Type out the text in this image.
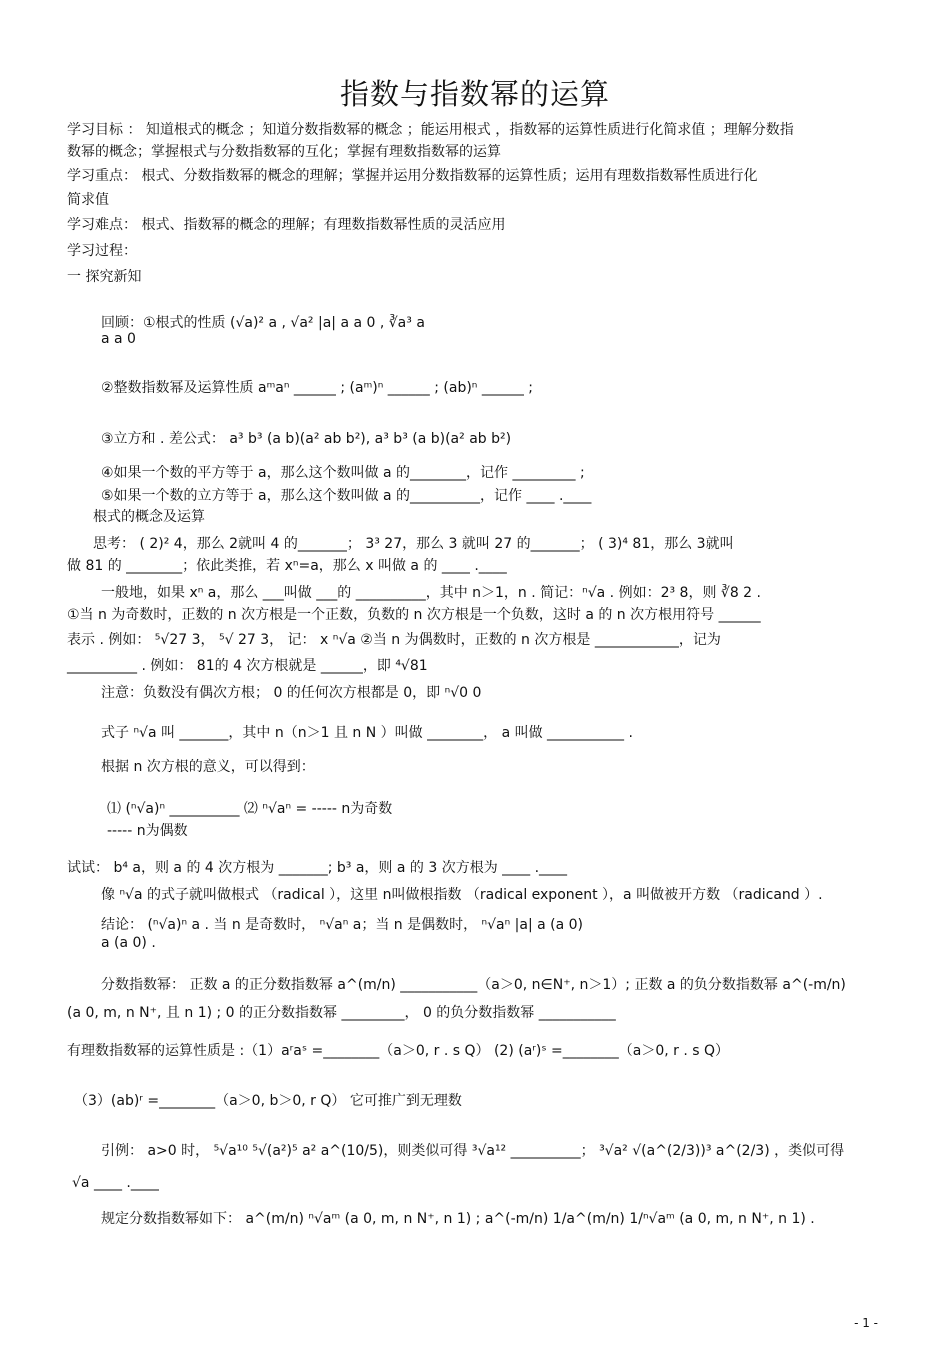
指数与指数幂的运算
学习目标 ： 知道根式的概念 ；知道分数指数幂的概念 ；能运用根式 ，指数幂的运算性质进行化简求值 ；理解分数指
数幂的概念；掌握根式与分数指数幂的互化；掌握有理数指数幂的运算
学习重点： 根式、分数指数幂的概念的理解；掌握并运用分数指数幂的运算性质；运用有理数指数幂性质进行化
简求值
学习难点： 根式、指数幂的概念的理解；有理数指数幂性质的灵活应用
学习过程：
一 探究新知
回顾：①根式的性质 (√a)² a , √a² |a| a a 0 , ∛a³ a
a a 0
②整数指数幂及运算性质 aᵐaⁿ ______ ; (aᵐ)ⁿ ______ ; (ab)ⁿ ______ ;
③立方和 . 差公式： a³ b³ (a b)(a² ab b²), a³ b³ (a b)(a² ab b²)
④如果一个数的平方等于 a，那么这个数叫做 a 的________，记作 _________ ;
⑤如果一个数的立方等于 a，那么这个数叫做 a 的__________，记作 ____ .____
根式的概念及运算
思考： ( 2)² 4，那么 2就叫 4 的_______； 3³ 27，那么 3 就叫 27 的_______； ( 3)⁴ 81，那么 3就叫
做 81 的 ________；依此类推，若 xⁿ=a，那么 x 叫做 a 的 ____ .____
一般地，如果 xⁿ a，那么 ___叫做 ___的 __________，其中 n＞1，n . 简记：ⁿ√a . 例如：2³ 8，则 ∛8 2 .
①当 n 为奇数时，正数的 n 次方根是一个正数，负数的 n 次方根是一个负数，这时 a 的 n 次方根用符号 ______
表示 . 例如： ⁵√27 3， ⁵√ 27 3， 记： x ⁿ√a ②当 n 为偶数时，正数的 n 次方根是 ____________，记为
__________ . 例如： 81的 4 次方根就是 ______，即 ⁴√81
注意：负数没有偶次方根； 0 的任何次方根都是 0，即 ⁿ√0 0
式子 ⁿ√a 叫 _______，其中 n（n＞1 且 n N ）叫做 ________， a 叫做 ___________ .
根据 n 次方根的意义，可以得到：
⑴ (ⁿ√a)ⁿ __________ ⑵ ⁿ√aⁿ = ----- n为奇数
----- n为偶数
试试： b⁴ a，则 a 的 4 次方根为 _______; b³ a，则 a 的 3 次方根为 ____ .____
像 ⁿ√a 的式子就叫做根式 （radical ），这里 n叫做根指数 （radical exponent ），a 叫做被开方数 （radicand ）.
结论： (ⁿ√a)ⁿ a . 当 n 是奇数时， ⁿ√aⁿ a；当 n 是偶数时， ⁿ√aⁿ |a| a (a 0)
a (a 0) .
分数指数幂： 正数 a 的正分数指数幂 a^(m/n) ___________（a＞0, n∈N⁺, n＞1）; 正数 a 的负分数指数幂 a^(-m/n)
(a 0, m, n N⁺, 且 n 1) ; 0 的正分数指数幂 _________， 0 的负分数指数幂 ___________
有理数指数幂的运算性质是 :（1）aʳaˢ =________（a＞0, r . s Q） (2) (aʳ)ˢ =________（a＞0, r . s Q）
（3）(ab)ʳ =________（a＞0, b＞0, r Q） 它可推广到无理数
引例： a>0 时， ⁵√a¹⁰ ⁵√(a²)⁵ a² a^(10/5)，则类似可得 ³√a¹² __________； ³√a² √(a^(2/3))³ a^(2/3) ，类似可得
√a ____ .____
规定分数指数幂如下： a^(m/n) ⁿ√aᵐ (a 0, m, n N⁺, n 1) ; a^(-m/n) 1/a^(m/n) 1/ⁿ√aᵐ (a 0, m, n N⁺, n 1) .
- 1 -
